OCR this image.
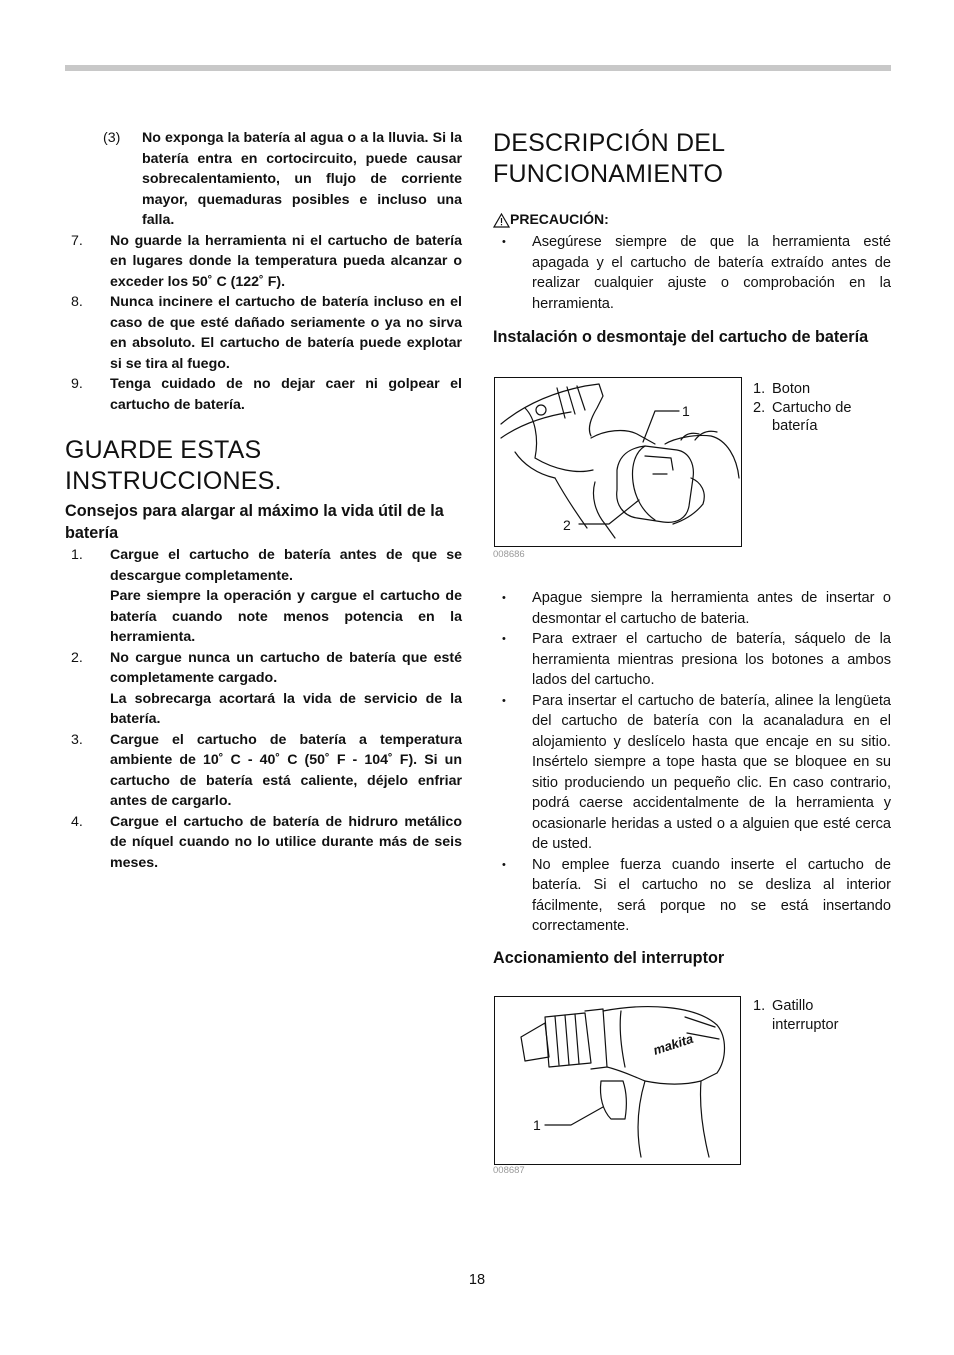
(3) No exponga la batería al agua o a la lluvia. Si la batería entra en cortocircuito, puede causar sobrecalentamiento, un flujo de corriente mayor, quemaduras posibles e incluso una falla.

7. No guarde la herramienta ni el cartucho de batería en lugares donde la temperatura pueda alcanzar o exceder los 50˚ C (122˚ F).

8. Nunca incinere el cartucho de batería incluso en el caso de que esté dañado seriamente o ya no sirva en absoluto. El cartucho de batería puede explotar si se tira al fuego.

9. Tenga cuidado de no dejar caer ni golpear el cartucho de batería.

GUARDE ESTAS INSTRUCCIONES.
Consejos para alargar al máximo la vida útil de la batería
1. Cargue el cartucho de batería antes de que se descargue completamente.

Pare siempre la operación y cargue el cartucho de batería cuando note menos potencia en la herramienta.

2. No cargue nunca un cartucho de batería que esté completamente cargado.

La sobrecarga acortará la vida de servicio de la batería.

3. Cargue el cartucho de batería a temperatura ambiente de 10˚ C - 40˚ C (50˚ F - 104˚ F). Si un cartucho de batería está caliente, déjelo enfriar antes de cargarlo.

4. Cargue el cartucho de batería de hidruro metálico de níquel cuando no lo utilice durante más de seis meses.

DESCRIPCIÓN DEL FUNCIONAMIENTO
PRECAUCIÓN:
• Asegúrese siempre de que la herramienta esté apagada y el cartucho de batería extraído antes de realizar cualquier ajuste o comprobación en la herramienta.
Instalación o desmontaje del cartucho de batería
1
2
008686
1. Boton
2. Cartucho de batería
• Apague siempre la herramienta antes de insertar o desmontar el cartucho de bateria.
• Para extraer el cartucho de batería, sáquelo de la herramienta mientras presiona los botones a ambos lados del cartucho.
• Para insertar el cartucho de batería, alinee la lengüeta del cartucho de batería con la acanaladura en el alojamiento y deslícelo hasta que encaje en su sitio. Insértelo siempre a tope hasta que se bloquee en su sitio produciendo un pequeño clic. En caso contrario, podrá caerse accidentalmente de la herramienta y ocasionarle heridas a usted o a alguien que esté cerca de usted.
• No emplee fuerza cuando inserte el cartucho de batería. Si el cartucho no se desliza al interior fácilmente, será porque no se está insertando correctamente.
Accionamiento del interruptor
makita
1
008687
1. Gatillo interruptor
18
